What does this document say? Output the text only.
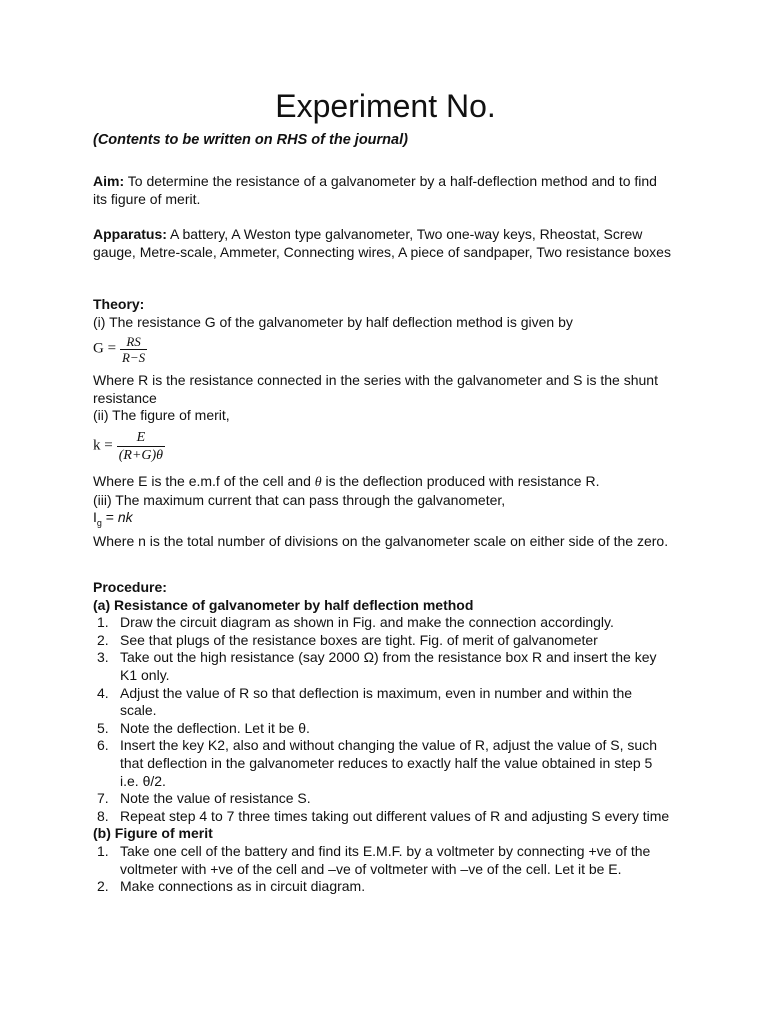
Experiment No.
(Contents to be written on RHS of the journal)
Aim: To determine the resistance of a galvanometer by a half-deflection method and to find its figure of merit.
Apparatus: A battery, A Weston type galvanometer, Two one-way keys, Rheostat, Screw gauge, Metre-scale, Ammeter, Connecting wires, A piece of sandpaper, Two resistance boxes
Theory:
(i) The resistance G of the galvanometer by half deflection method is given by
$G = \frac{RS}{R-S}$
Where R is the resistance connected in the series with the galvanometer and S is the shunt resistance
(ii) The figure of merit,
$k = \frac{E}{(R+G)\theta}$
Where E is the e.m.f of the cell and θ is the deflection produced with resistance R.
(iii) The maximum current that can pass through the galvanometer,
$I_g$ = nk
Where n is the total number of divisions on the galvanometer scale on either side of the zero.
Procedure:
(a) Resistance of galvanometer by half deflection method
1. Draw the circuit diagram as shown in Fig. and make the connection accordingly.
2. See that plugs of the resistance boxes are tight. Fig. of merit of galvanometer
3. Take out the high resistance (say 2000 Ω) from the resistance box R and insert the key K1 only.
4. Adjust the value of R so that deflection is maximum, even in number and within the scale.
5. Note the deflection. Let it be θ.
6. Insert the key K2, also and without changing the value of R, adjust the value of S, such that deflection in the galvanometer reduces to exactly half the value obtained in step 5 i.e. θ/2.
7. Note the value of resistance S.
8. Repeat step 4 to 7 three times taking out different values of R and adjusting S every time
(b) Figure of merit
1. Take one cell of the battery and find its E.M.F. by a voltmeter by connecting +ve of the voltmeter with +ve of the cell and –ve of voltmeter with –ve of the cell. Let it be E.
2. Make connections as in circuit diagram.
